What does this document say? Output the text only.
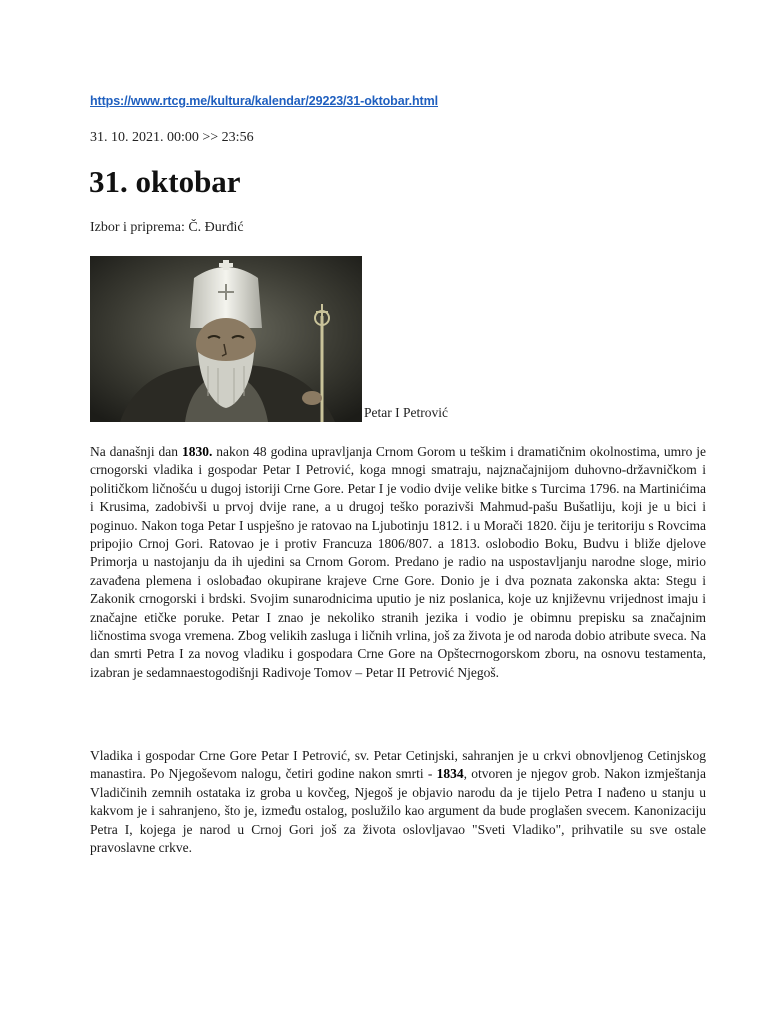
https://www.rtcg.me/kultura/kalendar/29223/31-oktobar.html
31. 10. 2021. 00:00 >> 23:56
31. oktobar
Izbor i priprema: Č. Đurđić
Petar I Petrović

Na današnji dan 1830. nakon 48 godina upravljanja Crnom Gorom u teškim i dramatičnim okolnostima, umro je crnogorski vladika i gospodar Petar I Petrović, koga mnogi smatraju, najznačajnijom duhovno-državničkom i političkom ličnošću u dugoj istoriji Crne Gore. Petar I je vodio dvije velike bitke s Turcima 1796. na Martinićima i Krusima, zadobivši u prvoj dvije rane, a u drugoj teško porazivši Mahmud-pašu Bušatliju, koji je u bici i poginuo. Nakon toga Petar I uspješno je ratovao na Ljubotinju 1812. i u Morači 1820. čiju je teritoriju s Rovcima pripojio Crnoj Gori. Ratovao je i protiv Francuza 1806/807. a 1813. oslobodio Boku, Budvu i bliže djelove Primorja u nastojanju da ih ujedini sa Crnom Gorom. Predano je radio na uspostavljanju narodne sloge, mirio zavađena plemena i oslobađao okupirane krajeve Crne Gore. Donio je i dva poznata zakonska akta: Stegu i Zakonik crnogorski i brdski. Svojim sunarodnicima uputio je niz poslanica, koje uz književnu vrijednost imaju i značajne etičke poruke. Petar I znao je nekoliko stranih jezika i vodio je obimnu prepisku sa značajnim ličnostima svoga vremena. Zbog velikih zasluga i ličnih vrlina, još za života je od naroda dobio atribute sveca. Na dan smrti Petra I za novog vladiku i gospodara Crne Gore na Opštecrnogorskom zboru, na osnovu testamenta, izabran je sedamnaestogodišnji Radivoje Tomov – Petar II Petrović Njegoš.

Vladika i gospodar Crne Gore Petar I Petrović, sv. Petar Cetinjski, sahranjen je u crkvi obnovljenog Cetinjskog manastira. Po Njegoševom nalogu, četiri godine nakon smrti - 1834, otvoren je njegov grob. Nakon izmještanja Vladičinih zemnih ostataka iz groba u kovčeg, Njegoš je objavio narodu da je tijelo Petra I nađeno u stanju u kakvom je i sahranjeno, što je, između ostalog, poslužilo kao argument da bude proglašen svecem. Kanonizaciju Petra I, kojega je narod u Crnoj Gori još za života oslovljavao "Sveti Vladiko", prihvatile su sve ostale pravoslavne crkve.
